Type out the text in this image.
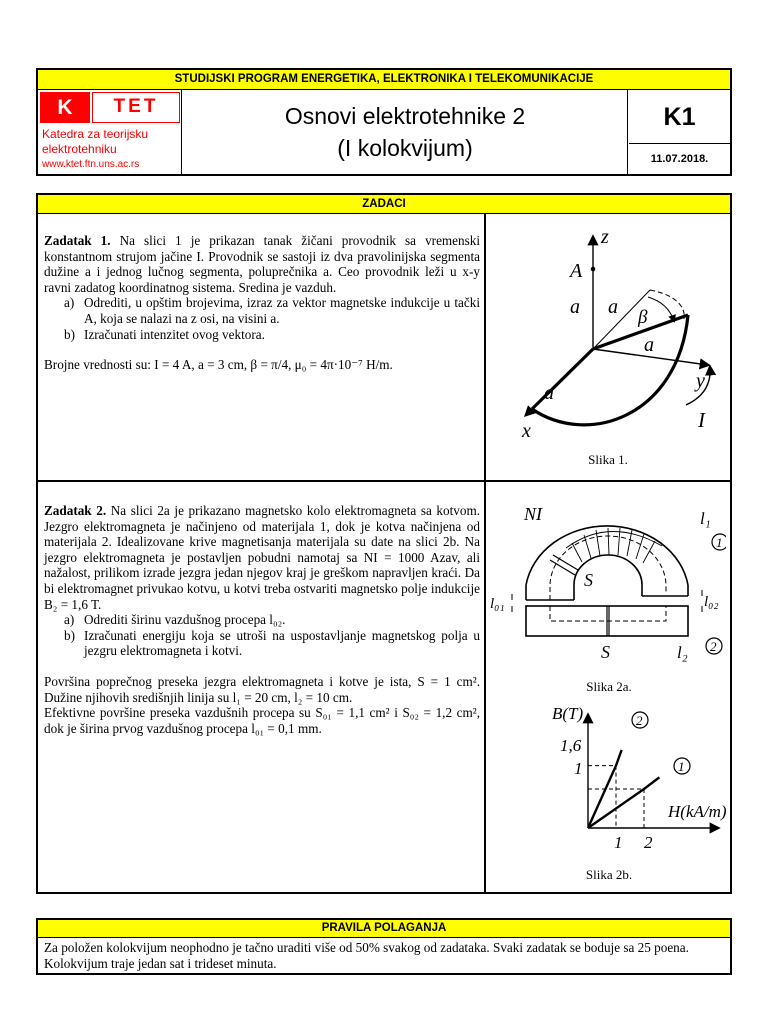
STUDIJSKI PROGRAM ENERGETIKA, ELEKTRONIKA I TELEKOMUNIKACIJE
K	TET
Katedra za teorijsku elektrotehniku
www.ktet.ftn.uns.ac.rs
Osnovi elektrotehnike 2
(I kolokvijum)
K1
11.07.2018.
ZADACI

Zadatak 1. Na slici 1 je prikazan tanak žičani provodnik sa vremenski konstantnom strujom jačine I. Provodnik se sastoji iz dva pravolinijska segmenta dužine a i jednog lučnog segmenta, poluprečnika a. Ceo provodnik leži u x-y ravni zadatog koordinatnog sistema. Sredina je vazduh.

a) Odrediti, u opštim brojevima, izraz za vektor magnetske indukcije u tački A, koja se nalazi na z osi, na visini a.
b) Izračunati intenzitet ovog vektora.

Brojne vrednosti su: I = 4 A, a = 3 cm, β = π/4, μ₀ = 4π·10⁻⁷ H/m.

z
A
a a β
a
y
a
I
x
Slika 1.

Zadatak 2. Na slici 2a je prikazano magnetsko kolo elektromagneta sa kotvom. Jezgro elektromagneta je načinjeno od materijala 1, dok je kotva načinjena od materijala 2. Idealizovane krive magnetisanja materijala su date na slici 2b. Na jezgro elektromagneta je postavljen pobudni namotaj sa NI = 1000 Azav, ali nažalost, prilikom izrade jezgra jedan njegov kraj je greškom napravljen kraći. Da bi elektromagnet privukao kotvu, u kotvi treba ostvariti magnetsko polje indukcije B₂ = 1,6 T.

a) Odrediti širinu vazdušnog procepa l₀₂.
b) Izračunati energiju koja se utroši na uspostavljanje magnetskog polja u jezgru elektromagneta i kotvi.

Površina poprečnog preseka jezgra elektromagneta i kotve je ista, S = 1 cm². Dužine njihovih središnjih linija su l₁ = 20 cm, l₂ = 10 cm.

Efektivne površine preseka vazdušnih procepa su S₀₁ = 1,1 cm² i S₀₂ = 1,2 cm², dok je širina prvog vazdušnog procepa l₀₁ = 0,1 mm.

NI	l₁
1
S
l₀₁	l₀₂
S	l₂ 2
Slika 2a.
B(T)
H(kA/m)
1,6
1
1 2
1
2
Slika 2b.
PRAVILA POLAGANJA
Za položen kolokvijum neophodno je tačno uraditi više od 50% svakog od zadataka. Svaki zadatak se boduje sa 25 poena. Kolokvijum traje jedan sat i trideset minuta.
